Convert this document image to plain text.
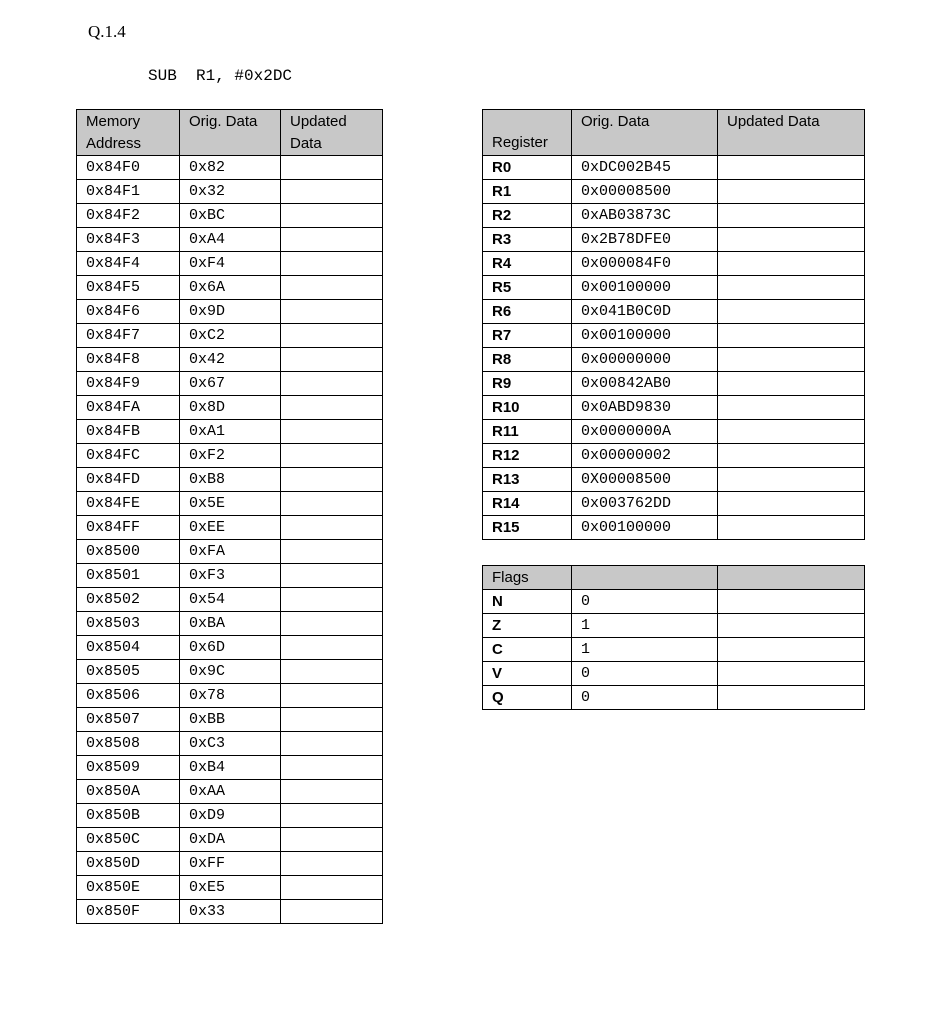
Q.1.4
SUB  R1, #0x2DC
Memory Address	Orig. Data	Updated Data
0x84F0	0x82	
0x84F1	0x32	
0x84F2	0xBC	
0x84F3	0xA4	
0x84F4	0xF4	
0x84F5	0x6A	
0x84F6	0x9D	
0x84F7	0xC2	
0x84F8	0x42	
0x84F9	0x67	
0x84FA	0x8D	
0x84FB	0xA1	
0x84FC	0xF2	
0x84FD	0xB8	
0x84FE	0x5E	
0x84FF	0xEE	
0x8500	0xFA	
0x8501	0xF3	
0x8502	0x54	
0x8503	0xBA	
0x8504	0x6D	
0x8505	0x9C	
0x8506	0x78	
0x8507	0xBB	
0x8508	0xC3	
0x8509	0xB4	
0x850A	0xAA	
0x850B	0xD9	
0x850C	0xDA	
0x850D	0xFF	
0x850E	0xE5	
0x850F	0x33	
Register	Orig. Data	Updated Data
R0	0xDC002B45	
R1	0x00008500	
R2	0xAB03873C	
R3	0x2B78DFE0	
R4	0x000084F0	
R5	0x00100000	
R6	0x041B0C0D	
R7	0x00100000	
R8	0x00000000	
R9	0x00842AB0	
R10	0x0ABD9830	
R11	0x0000000A	
R12	0x00000002	
R13	0X00008500	
R14	0x003762DD	
R15	0x00100000	
Flags		
N	0	
Z	1	
C	1	
V	0	
Q	0	
